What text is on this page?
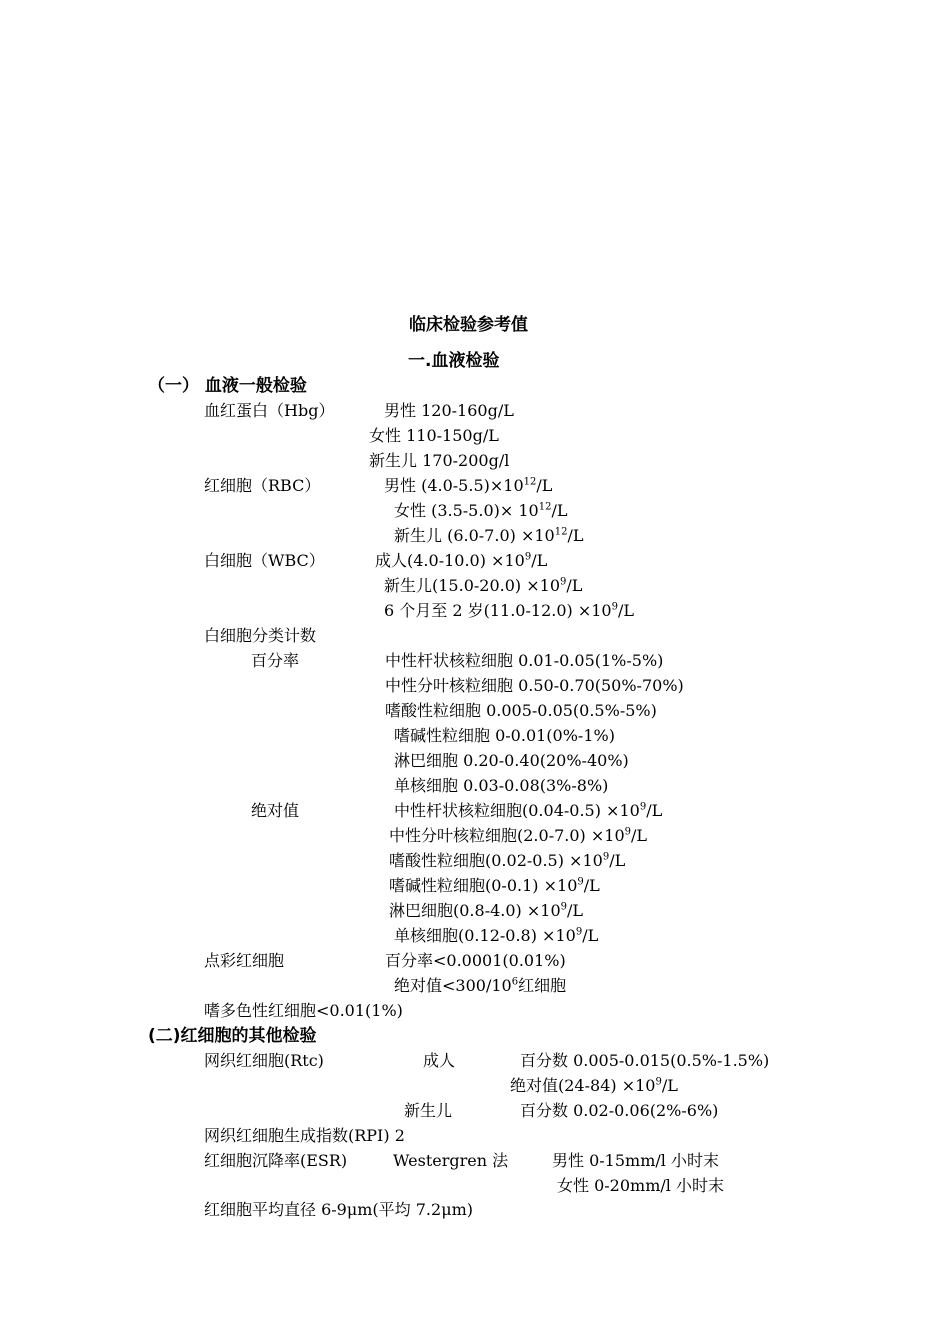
临床检验参考值
一.血液检验
（一） 血液一般检验
血红蛋白（Hbg）	男性 120-160g/L
女性 110-150g/L
新生儿 170-200g/l
红细胞（RBC）	男性 $(4.0-5.5)\times 10^{12}/L$
女性 $(3.5-5.0)\times 10^{12}/L$
新生儿 $(6.0-7.0) \times 10^{12}/L$
白细胞（WBC）	成人$(4.0-10.0) \times 10^9/L$
新生儿$(15.0-20.0) \times 10^9/L$
6 个月至 2 岁$(11.0-12.0) \times 10^9/L$
白细胞分类计数
百分率	中性杆状核粒细胞 0.01-0.05(1%-5%)
中性分叶核粒细胞 0.50-0.70(50%-70%)
嗜酸性粒细胞 0.005-0.05(0.5%-5%)
嗜碱性粒细胞 0-0.01(0%-1%)
淋巴细胞 0.20-0.40(20%-40%)
单核细胞 0.03-0.08(3%-8%)
绝对值	中性杆状核粒细胞$(0.04-0.5) \times 10^9/L$
中性分叶核粒细胞$(2.0-7.0) \times 10^9/L$
嗜酸性粒细胞$(0.02-0.5) \times 10^9/L$
嗜碱性粒细胞$(0-0.1) \times 10^9/L$
淋巴细胞$(0.8-4.0) \times 10^9/L$
单核细胞$(0.12-0.8) \times 10^9/L$
点彩红细胞	百分率<0.0001(0.01%)
绝对值$<300/10^6$红细胞
嗜多色性红细胞<0.01(1%)
(二)红细胞的其他检验
网织红细胞(Rtc)	成人	百分数 0.005-0.015(0.5%-1.5%)
绝对值$(24-84) \times 10^9/L$
新生儿	百分数 0.02-0.06(2%-6%)
网织红细胞生成指数(RPI) 2
红细胞沉降率(ESR)	Westergren 法	男性 0-15mm/l 小时末
女性 0-20mm/l 小时末
红细胞平均直径 6-9μm(平均 7.2μm)
